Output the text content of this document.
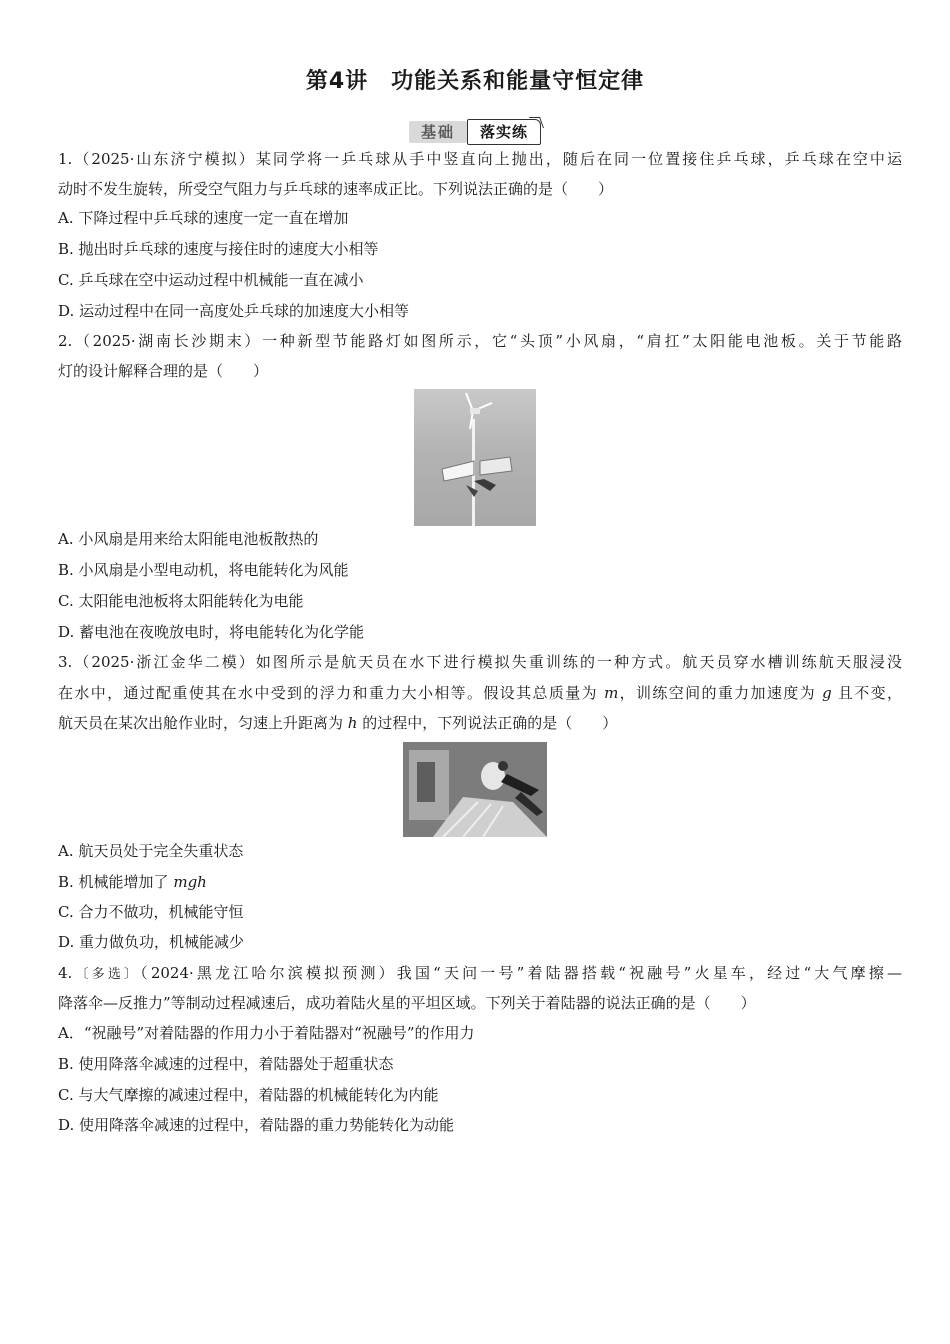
第4讲　功能关系和能量守恒定律
基础	落实练
1.（2025·山东济宁模拟）某同学将一乒乓球从手中竖直向上抛出，随后在同一位置接住乒乓球，乒乓球在空中运
动时不发生旋转，所受空气阻力与乒乓球的速率成正比。下列说法正确的是（　　）
A. 下降过程中乒乓球的速度一定一直在增加
B. 抛出时乒乓球的速度与接住时的速度大小相等
C. 乒乓球在空中运动过程中机械能一直在减小
D. 运动过程中在同一高度处乒乓球的加速度大小相等
2.（2025·湖南长沙期末）一种新型节能路灯如图所示，它“头顶”小风扇，“肩扛”太阳能电池板。关于节能路
灯的设计解释合理的是（　　）
A. 小风扇是用来给太阳能电池板散热的
B. 小风扇是小型电动机，将电能转化为风能
C. 太阳能电池板将太阳能转化为电能
D. 蓄电池在夜晚放电时，将电能转化为化学能
3.（2025·浙江金华二模）如图所示是航天员在水下进行模拟失重训练的一种方式。航天员穿水槽训练航天服浸没
在水中，通过配重使其在水中受到的浮力和重力大小相等。假设其总质量为 m，训练空间的重力加速度为 g 且不变，
航天员在某次出舱作业时，匀速上升距离为 h 的过程中，下列说法正确的是（　　）
A. 航天员处于完全失重状态
B. 机械能增加了 mgh
C. 合力不做功，机械能守恒
D. 重力做负功，机械能减少
4.〔多选〕（2024·黑龙江哈尔滨模拟预测）我国“天问一号”着陆器搭载“祝融号”火星车，经过“大气摩擦—
降落伞—反推力”等制动过程减速后，成功着陆火星的平坦区域。下列关于着陆器的说法正确的是（　　）
A．“祝融号”对着陆器的作用力小于着陆器对“祝融号”的作用力
B. 使用降落伞减速的过程中，着陆器处于超重状态
C. 与大气摩擦的减速过程中，着陆器的机械能转化为内能
D. 使用降落伞减速的过程中，着陆器的重力势能转化为动能
